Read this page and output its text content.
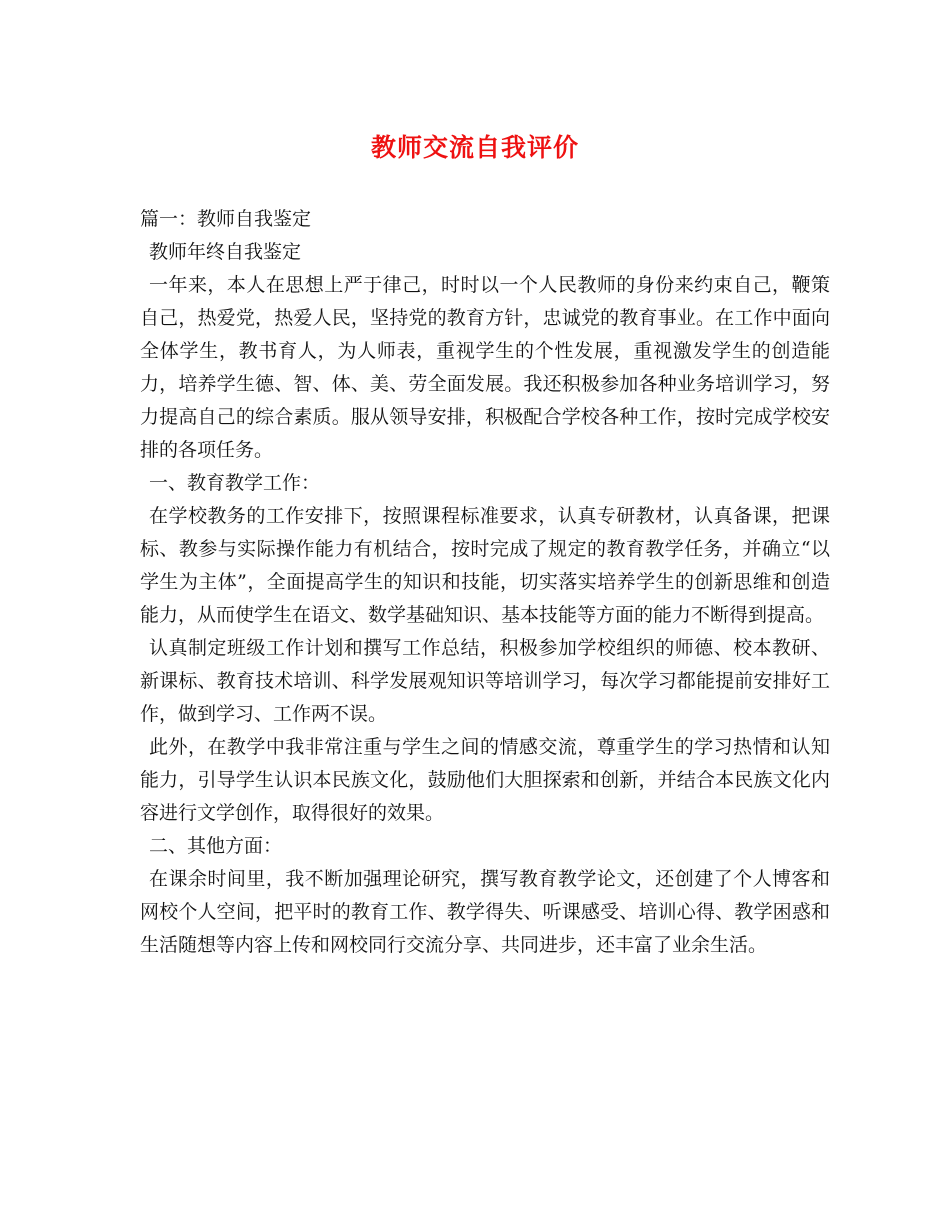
教师交流自我评价

篇一：教师自我鉴定

教师年终自我鉴定

一年来，本人在思想上严于律己，时时以一个人民教师的身份来约束自己，鞭策自己，热爱党，热爱人民，坚持党的教育方针，忠诚党的教育事业。在工作中面向全体学生，教书育人，为人师表，重视学生的个性发展，重视激发学生的创造能力，培养学生德、智、体、美、劳全面发展。我还积极参加各种业务培训学习，努力提高自己的综合素质。服从领导安排，积极配合学校各种工作，按时完成学校安排的各项任务。

一、教育教学工作：

在学校教务的工作安排下，按照课程标准要求，认真专研教材，认真备课，把课标、教参与实际操作能力有机结合，按时完成了规定的教育教学任务，并确立“以学生为主体”，全面提高学生的知识和技能，切实落实培养学生的创新思维和创造能力，从而使学生在语文、数学基础知识、基本技能等方面的能力不断得到提高。

认真制定班级工作计划和撰写工作总结，积极参加学校组织的师德、校本教研、新课标、教育技术培训、科学发展观知识等培训学习，每次学习都能提前安排好工作，做到学习、工作两不误。

此外，在教学中我非常注重与学生之间的情感交流，尊重学生的学习热情和认知能力，引导学生认识本民族文化，鼓励他们大胆探索和创新，并结合本民族文化内容进行文学创作，取得很好的效果。

二、其他方面：

在课余时间里，我不断加强理论研究，撰写教育教学论文，还创建了个人博客和网校个人空间，把平时的教育工作、教学得失、听课感受、培训心得、教学困惑和生活随想等内容上传和网校同行交流分享、共同进步，还丰富了业余生活。
